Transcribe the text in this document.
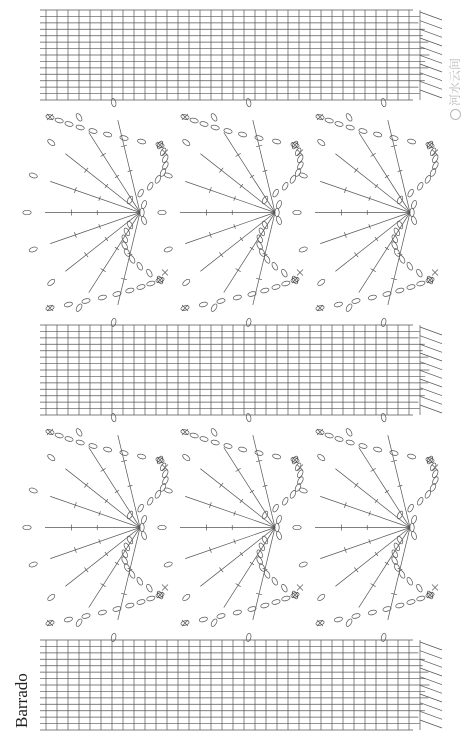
Barrado
河水云间
